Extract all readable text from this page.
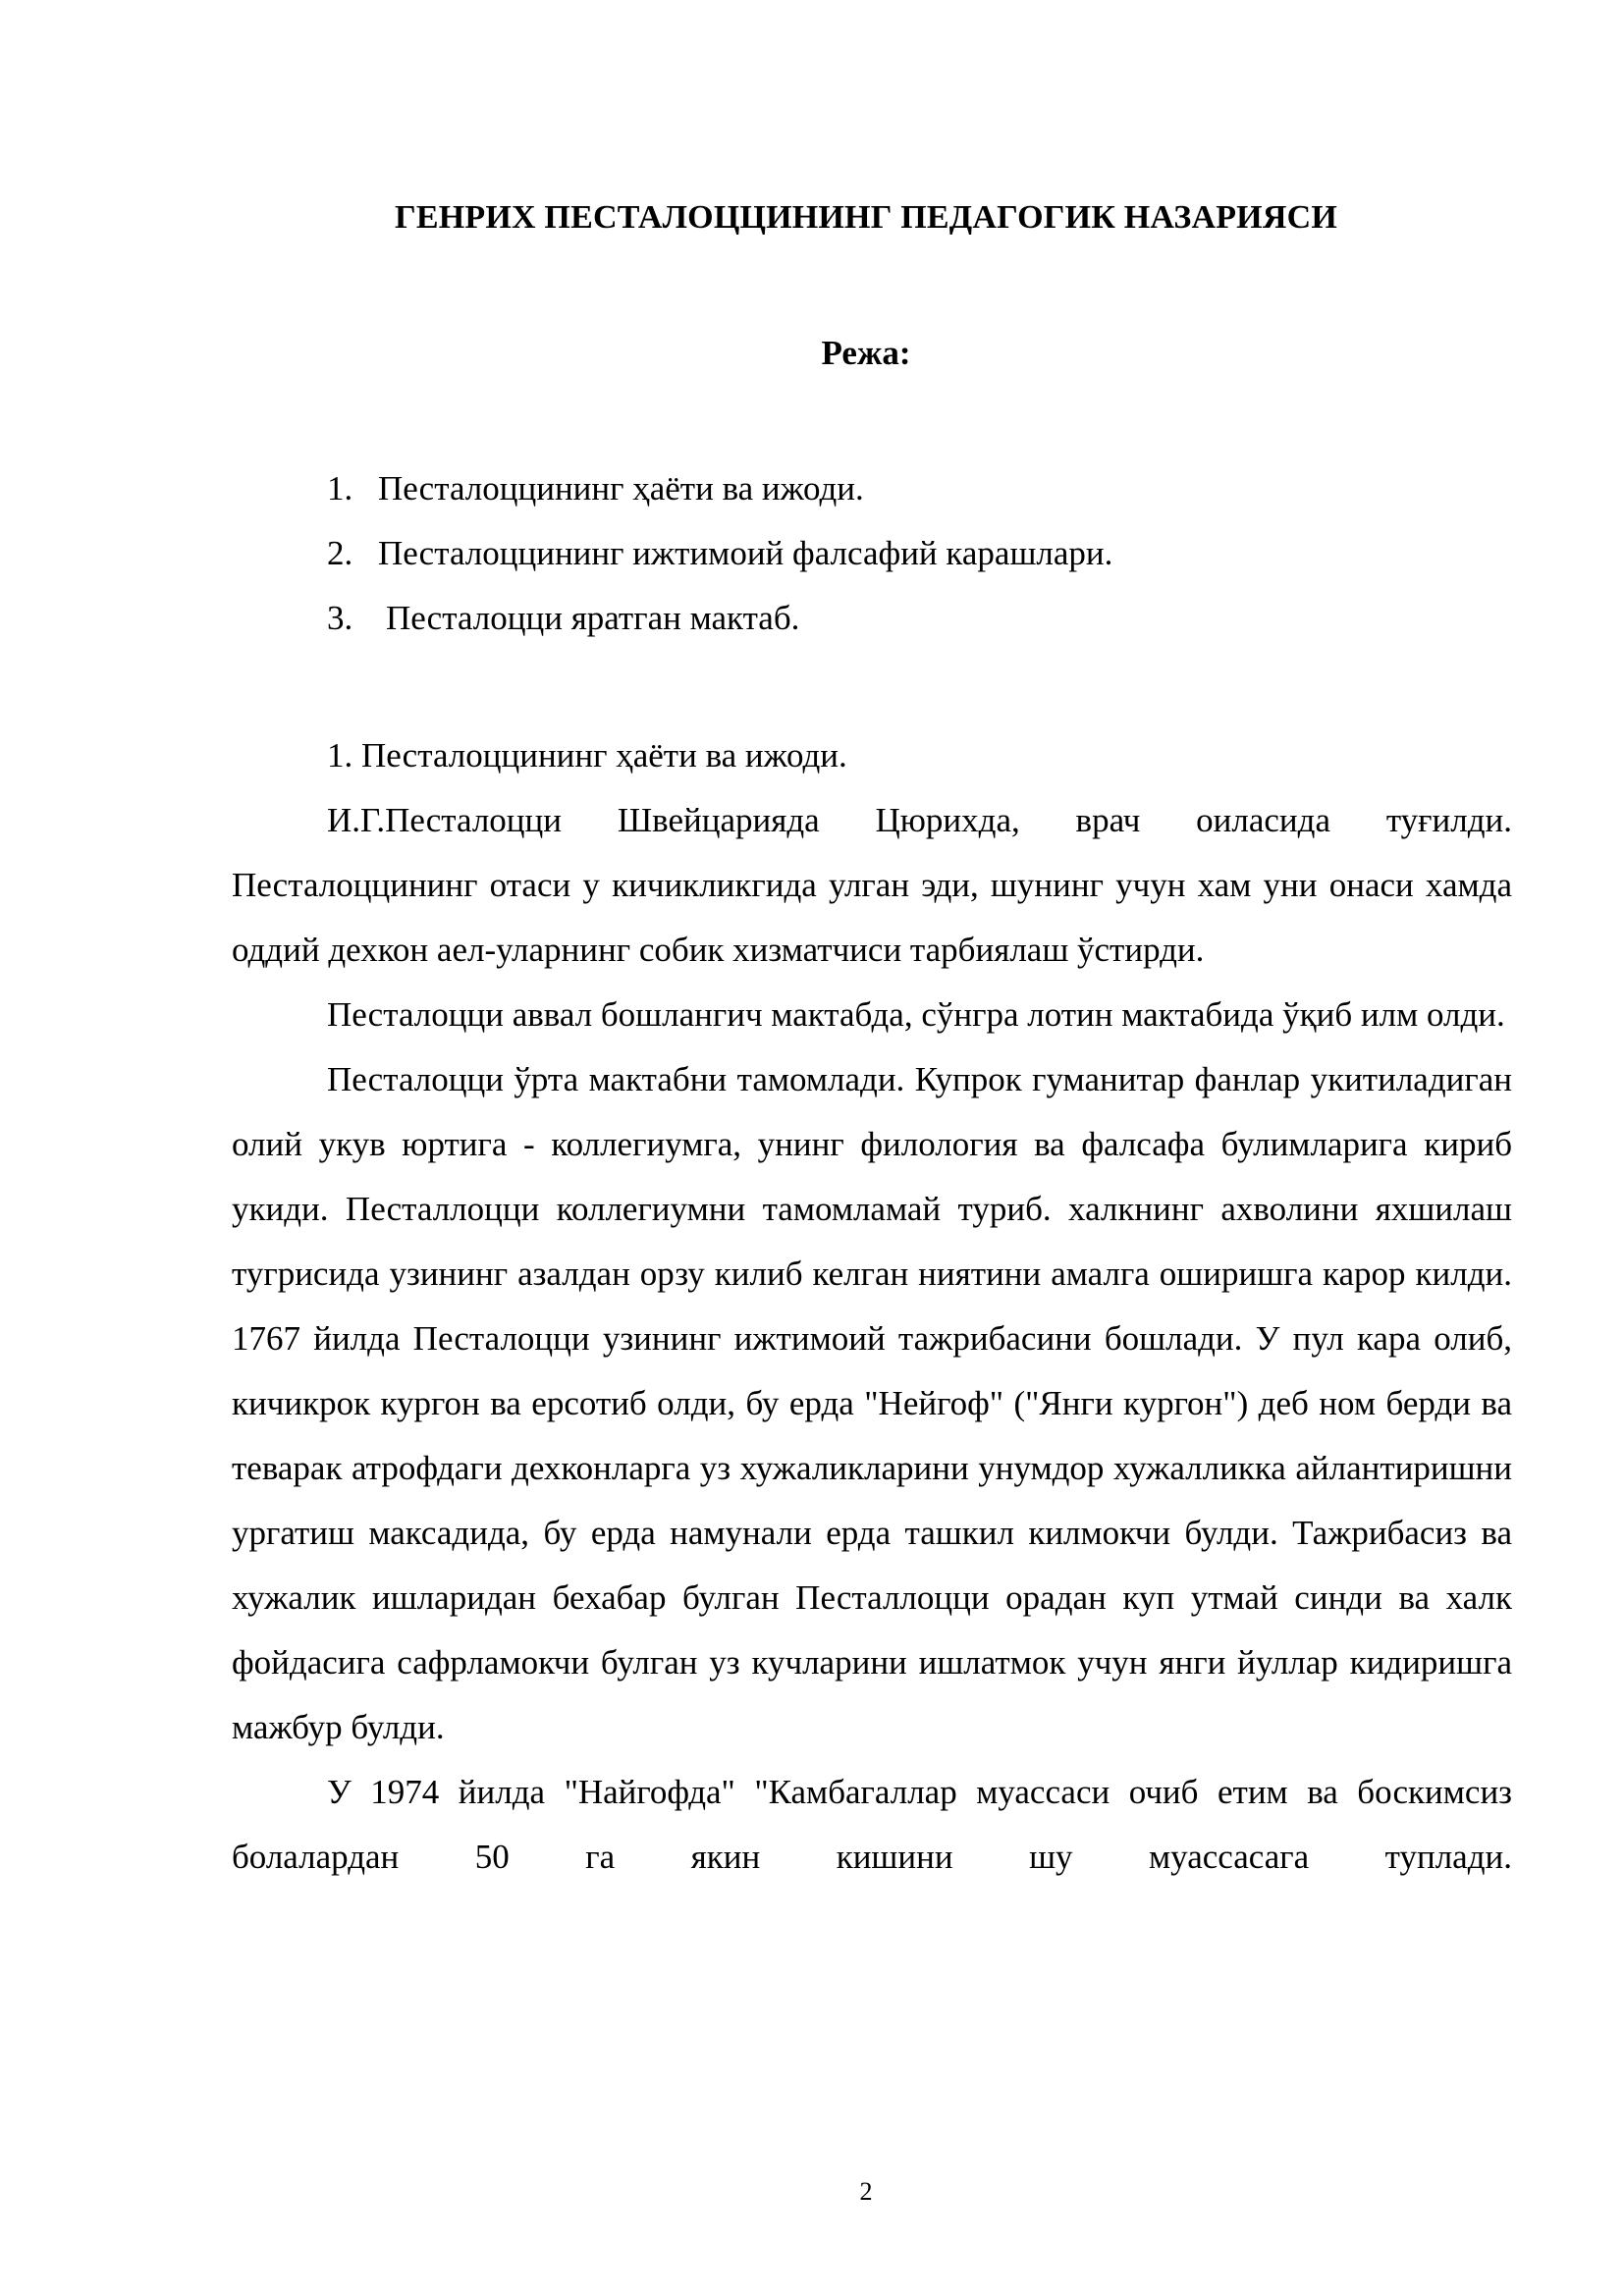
ГЕНРИХ ПЕСТАЛОЦЦИНИНГ ПЕДАГОГИК НАЗАРИЯСИ
Режа:
1. Песталоццининг ҳаёти ва ижоди.
2. Песталоццининг ижтимоий фалсафий карашлари.
3. Песталоцци яратган мактаб.

1. Песталоццининг ҳаёти ва ижоди.

И.Г.Песталоцци Швейцарияда Цюрихда, врач оиласида туғилди. Песталоццининг отаси у кичикликгида улган эди, шунинг учун хам уни онаси хамда оддий дехкон аел-уларнинг собик хизматчиси тарбиялаш ўстирди.

Песталоцци аввал бошлангич мактабда, сўнгра лотин мактабида ўқиб илм олди.

Песталоцци ўрта мактабни тамомлади. Купрок гуманитар фанлар укитиладиган олий укув юртига - коллегиумга, унинг филология ва фалсафа булимларига кириб укиди. Песталлоцци коллегиумни тамомламай туриб. халкнинг ахволини яхшилаш тугрисида узининг азалдан орзу килиб келган ниятини амалга оширишга карор килди. 1767 йилда Песталоцци узининг ижтимоий тажрибасини бошлади. У пул кара олиб, кичикрок кургон ва ерсотиб олди, бу ерда "Нейгоф" ("Янги кургон") деб ном берди ва теварак атрофдаги дехконларга уз хужаликларини унумдор хужалликка айлантиришни ургатиш максадида, бу ерда намунали ерда ташкил килмокчи булди. Тажрибасиз ва хужалик ишларидан бехабар булган Песталлоцци орадан куп утмай синди ва халк фойдасига сафрламокчи булган уз кучларини ишлатмок учун янги йуллар кидиришга мажбур булди.

У 1974 йилда "Найгофда" "Камбагаллар муассаси очиб етим ва боскимсиз болалардан 50 га якин кишини шу муассасага туплади.

2
